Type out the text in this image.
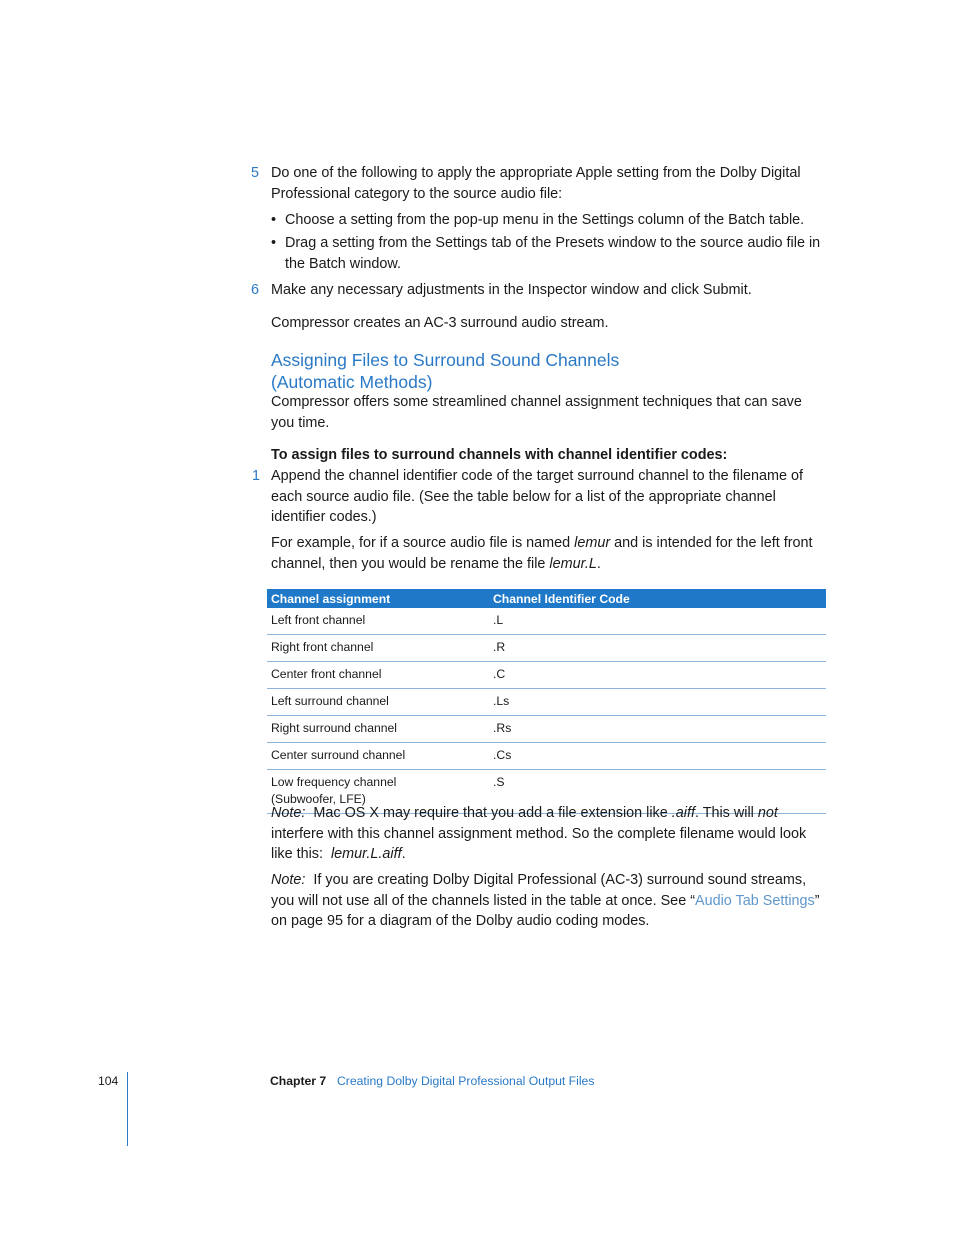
5 Do one of the following to apply the appropriate Apple setting from the Dolby Digital Professional category to the source audio file:
• Choose a setting from the pop-up menu in the Settings column of the Batch table.
• Drag a setting from the Settings tab of the Presets window to the source audio file in the Batch window.
6 Make any necessary adjustments in the Inspector window and click Submit.
Compressor creates an AC-3 surround audio stream.
Assigning Files to Surround Sound Channels
(Automatic Methods)
Compressor offers some streamlined channel assignment techniques that can save you time.
To assign files to surround channels with channel identifier codes:
1 Append the channel identifier code of the target surround channel to the filename of each source audio file. (See the table below for a list of the appropriate channel identifier codes.)
For example, for if a source audio file is named lemur and is intended for the left front channel, then you would be rename the file lemur.L.
Channel assignment	Channel Identifier Code
Left front channel	.L
Right front channel	.R
Center front channel	.C
Left surround channel	.Ls
Right surround channel	.Rs
Center surround channel	.Cs
Low frequency channel (Subwoofer, LFE)	.S
Note:  Mac OS X may require that you add a file extension like .aiff. This will not interfere with this channel assignment method. So the complete filename would look like this:  lemur.L.aiff.
Note:  If you are creating Dolby Digital Professional (AC-3) surround sound streams, you will not use all of the channels listed in the table at once. See “Audio Tab Settings” on page 95 for a diagram of the Dolby audio coding modes.
104	Chapter 7 Creating Dolby Digital Professional Output Files
